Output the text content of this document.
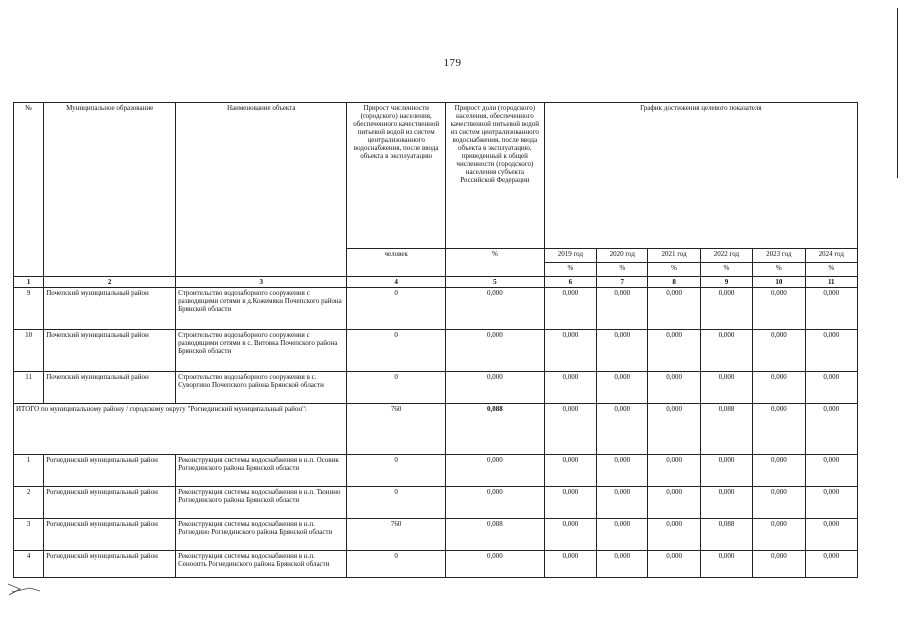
179
№	Муниципальное образование	Наименование объекта	Прирост численности (городского) населения, обеспеченного качественной питьевой водой из систем централизованного водоснабжения, после ввода объекта в эксплуатацию	Прирост доли (городского) населения, обеспеченного качественной питьевой водой из систем централизованного водоснабжения, после ввода объекта в эксплуатацию, приведенный к общей численности (городского) населения субъекта Российской Федерации	График достижения целевого показателя					
			человек	%	2019 год	2020 год	2021 год	2022 год	2023 год	2024 год
					%	%	%	%	%	%
1	2	3	4	5	6	7	8	9	10	11
9	Почепский муниципальный район	Строительство водозаборного сооружения с разводящими сетями в д.Кожемяки Почепского района Брянской области	0	0,000	0,000	0,000	0,000	0,000	0,000	0,000
10	Почепский муниципальный район	Строительство водозаборного сооружения с разводящими сетями в с. Витовка Почепского района Брянской области	0	0,000	0,000	0,000	0,000	0,000	0,000	0,000
11	Почепский муниципальный район	Строительство водозаборного сооружения в с. Суворгино Почепского района Брянской области	0	0,000	0,000	0,000	0,000	0,000	0,000	0,000
ИТОГО по муниципальному району / городскому округу "Рогнединский муниципальный район":			760	0,088	0,000	0,000	0,000	0,088	0,000	0,000
1	Рогнединский муниципальный район	Реконструкция системы водоснабжения в н.п. Осовик Рогнединского района Брянской области	0	0,000	0,000	0,000	0,000	0,000	0,000	0,000
2	Рогнединский муниципальный район	Реконструкция системы водоснабжения в н.п. Тюнино Рогнединского района Брянской области	0	0,000	0,000	0,000	0,000	0,000	0,000	0,000
3	Рогнединский муниципальный район	Реконструкция системы водоснабжения в н.п. Рогнедино Рогнединского района Брянской области	760	0,088	0,000	0,000	0,000	0,088	0,000	0,000
4	Рогнединский муниципальный район	Реконструкция системы водоснабжения в н.п. Сеноопть Рогнединского района Брянской области	0	0,000	0,000	0,000	0,000	0,000	0,000	0,000
